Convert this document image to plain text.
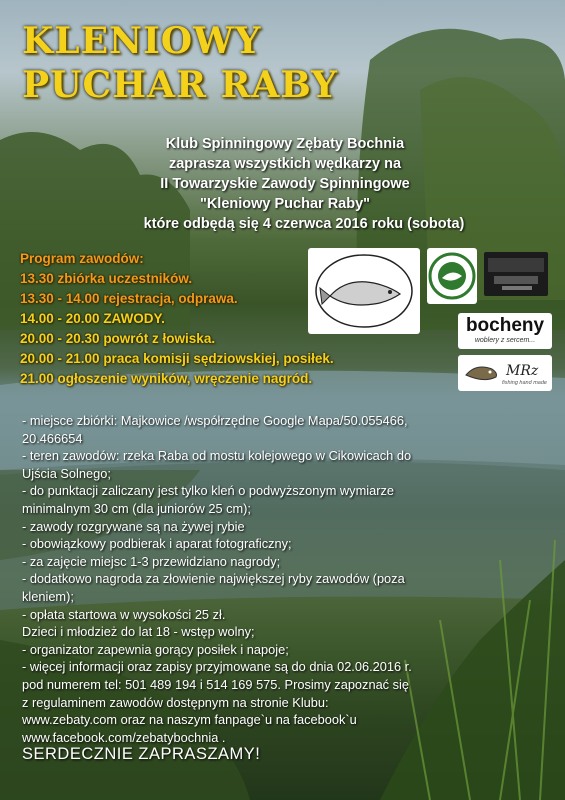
KLENIOWY
PUCHAR RABY
Klub Spinningowy Zębaty Bochnia
zaprasza wszystkich wędkarzy na
II Towarzyskie Zawody Spinningowe
"Kleniowy Puchar Raby"
które odbędą się 4 czerwca 2016 roku (sobota)
Program zawodów:
13.30 zbiórka uczestników.
13.30 - 14.00 rejestracja, odprawa.
14.00 - 20.00 ZAWODY.
20.00 - 20.30 powrót z łowiska.
20.00 - 21.00 praca komisji sędziowskiej, posiłek.
21.00 ogłoszenie wyników, wręczenie nagród.
bocheny
woblery z sercem...
MRz
fishing hand made
- miejsce zbiórki: Majkowice /współrzędne Google Mapa/50.055466,
20.466654
- teren zawodów: rzeka Raba od mostu kolejowego w Cikowicach do
Ujścia Solnego;
- do punktacji zaliczany jest tylko kleń o podwyższonym wymiarze
minimalnym 30 cm (dla juniorów 25 cm);
- zawody rozgrywane są na żywej rybie
- obowiązkowy podbierak i aparat fotograficzny;
- za zajęcie miejsc 1-3 przewidziano nagrody;
- dodatkowo nagroda za złowienie największej ryby zawodów (poza
kleniem);
- opłata startowa w wysokości 25 zł.
Dzieci i młodzież do lat 18 - wstęp wolny;
- organizator zapewnia gorący posiłek i napoje;
- więcej informacji oraz zapisy przyjmowane są do dnia 02.06.2016 r.
pod numerem tel: 501 489 194 i 514 169 575. Prosimy zapoznać się
z regulaminem zawodów dostępnym na stronie Klubu:
www.zebaty.com oraz na naszym fanpage`u na facebook`u
www.facebook.com/zebatybochnia .
SERDECZNIE ZAPRASZAMY!
